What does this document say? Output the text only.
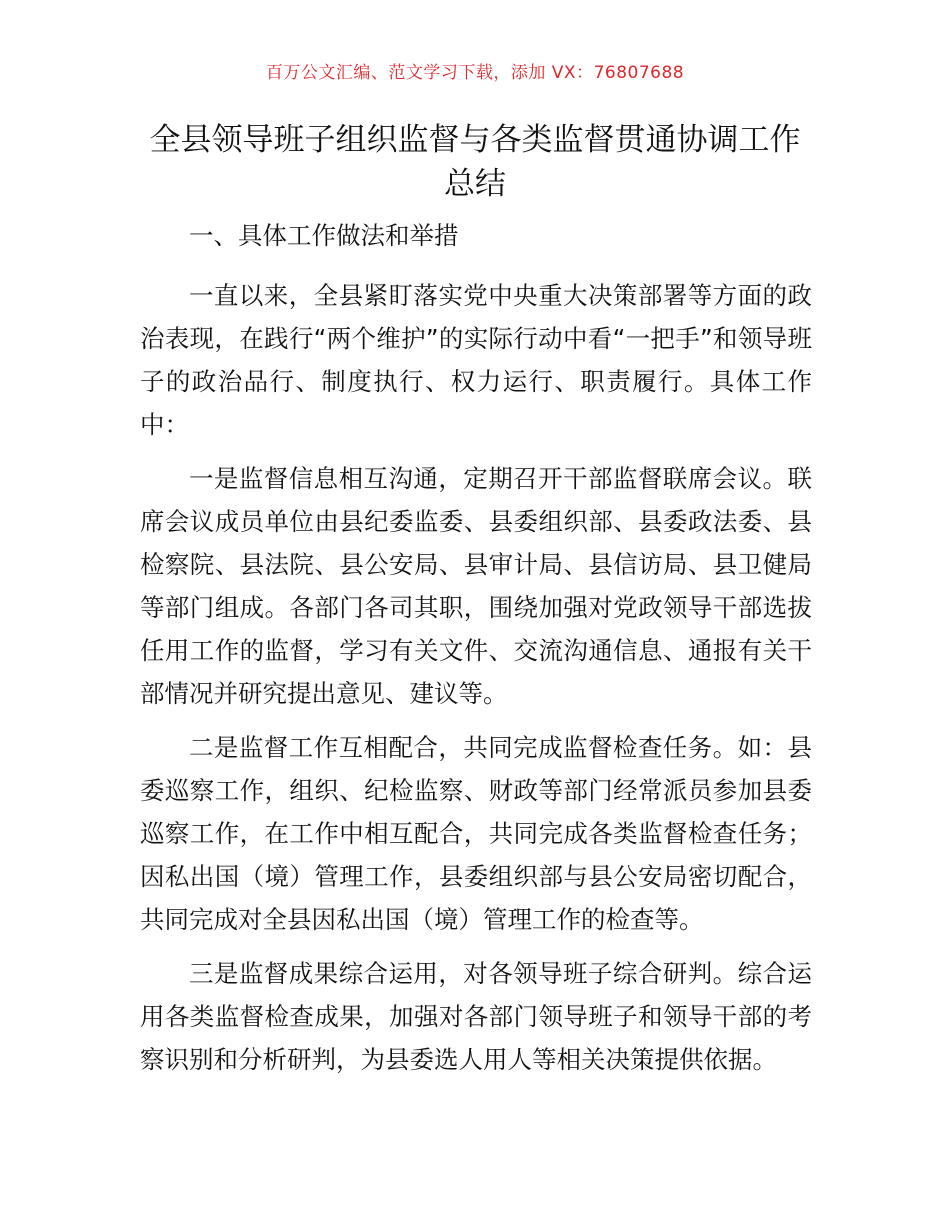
百万公文汇编、范文学习下载，添加 VX：76807688
全县领导班子组织监督与各类监督贯通协调工作总结

一、具体工作做法和举措

一直以来，全县紧盯落实党中央重大决策部署等方面的政治表现，在践行“两个维护”的实际行动中看“一把手”和领导班子的政治品行、制度执行、权力运行、职责履行。具体工作中：

一是监督信息相互沟通，定期召开干部监督联席会议。联席会议成员单位由县纪委监委、县委组织部、县委政法委、县检察院、县法院、县公安局、县审计局、县信访局、县卫健局等部门组成。各部门各司其职，围绕加强对党政领导干部选拔任用工作的监督，学习有关文件、交流沟通信息、通报有关干部情况并研究提出意见、建议等。

二是监督工作互相配合，共同完成监督检查任务。如：县委巡察工作，组织、纪检监察、财政等部门经常派员参加县委巡察工作，在工作中相互配合，共同完成各类监督检查任务；因私出国（境）管理工作，县委组织部与县公安局密切配合，共同完成对全县因私出国（境）管理工作的检查等。

三是监督成果综合运用，对各领导班子综合研判。综合运用各类监督检查成果，加强对各部门领导班子和领导干部的考察识别和分析研判，为县委选人用人等相关决策提供依据。
